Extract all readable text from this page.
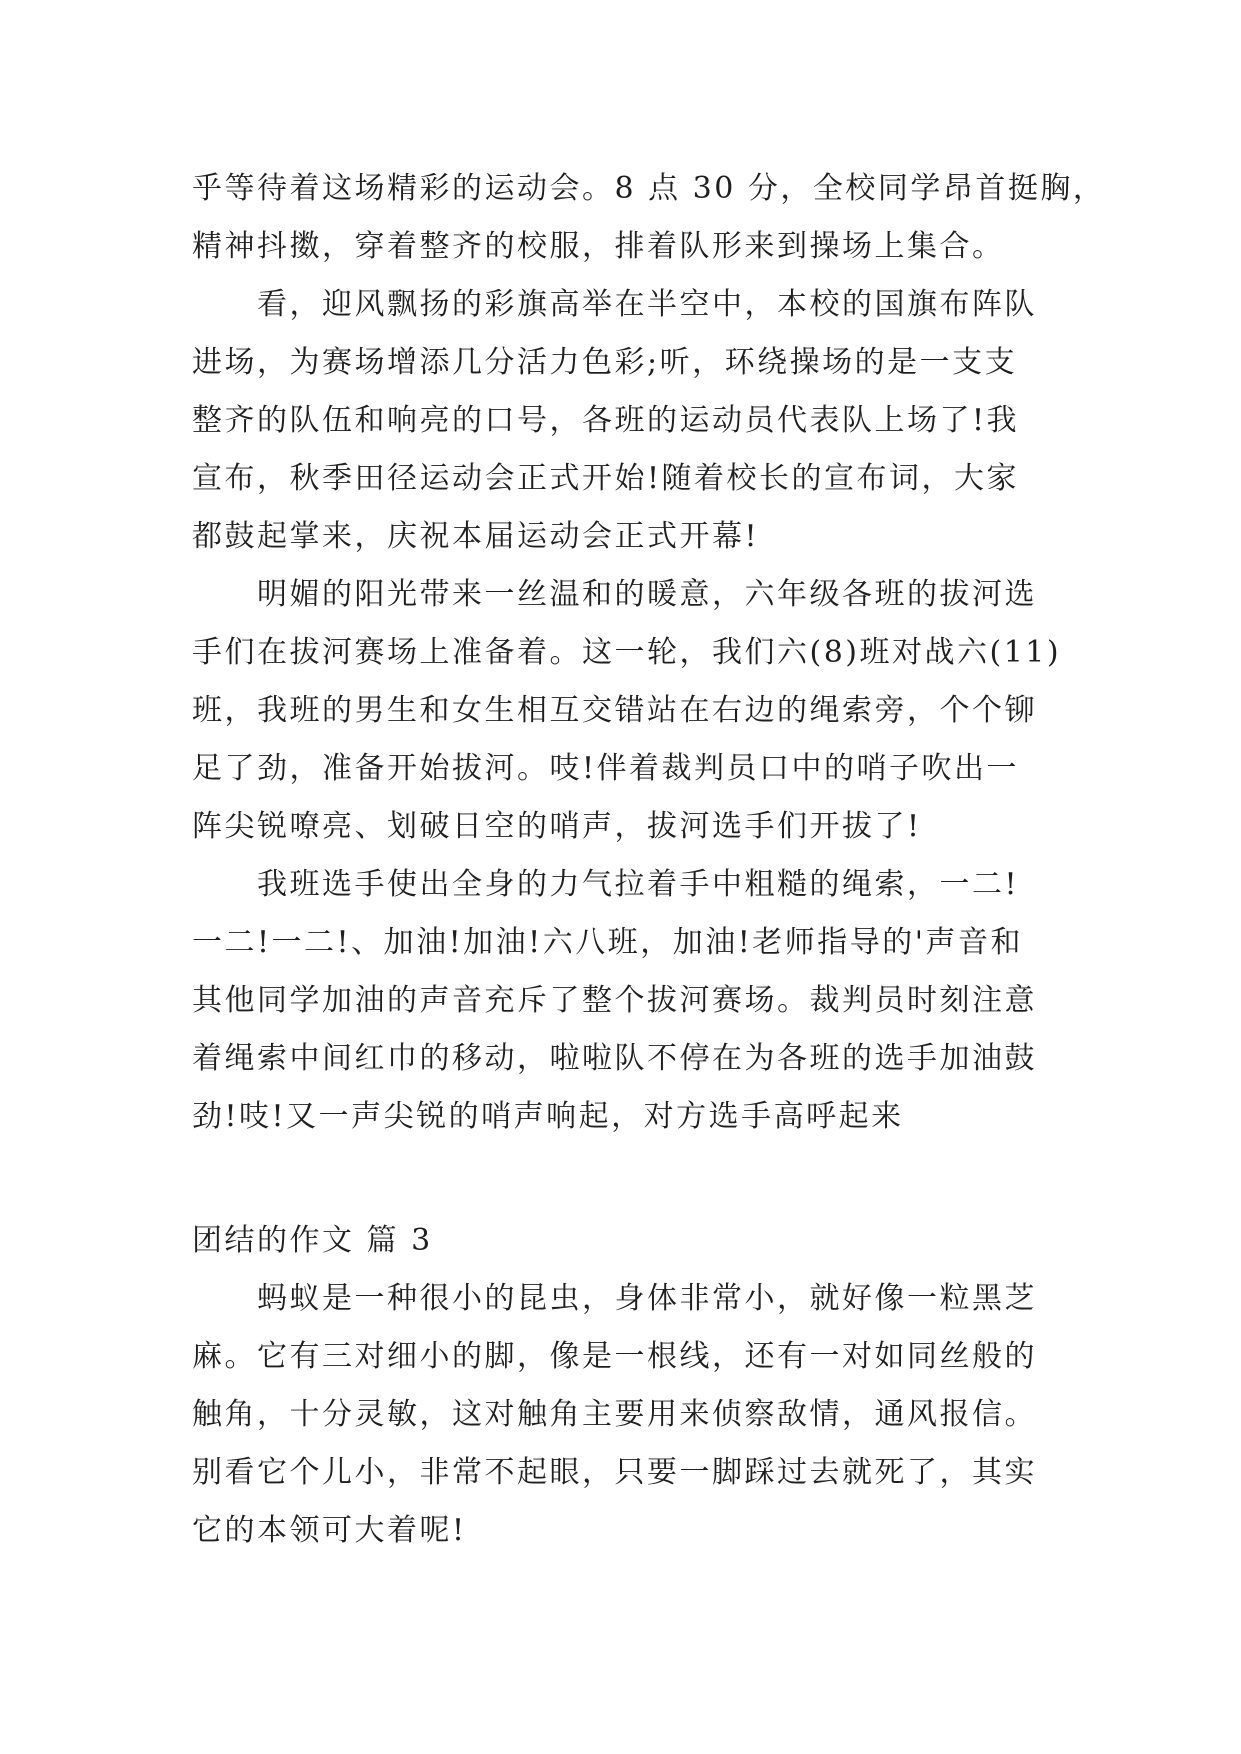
乎等待着这场精彩的运动会。8 点 30 分，全校同学昂首挺胸，
精神抖擞，穿着整齐的校服，排着队形来到操场上集合。
　　看，迎风飘扬的彩旗高举在半空中，本校的国旗布阵队
进场，为赛场增添几分活力色彩;听，环绕操场的是一支支
整齐的队伍和响亮的口号，各班的运动员代表队上场了!我
宣布，秋季田径运动会正式开始!随着校长的宣布词，大家
都鼓起掌来，庆祝本届运动会正式开幕!
　　明媚的阳光带来一丝温和的暖意，六年级各班的拔河选
手们在拔河赛场上准备着。这一轮，我们六(8)班对战六(11)
班，我班的男生和女生相互交错站在右边的绳索旁，个个铆
足了劲，准备开始拔河。吱!伴着裁判员口中的哨子吹出一
阵尖锐嘹亮、划破日空的哨声，拔河选手们开拔了!
　　我班选手使出全身的力气拉着手中粗糙的绳索，一二!
一二!一二!、加油!加油!六八班，加油!老师指导的'声音和
其他同学加油的声音充斥了整个拔河赛场。裁判员时刻注意
着绳索中间红巾的移动，啦啦队不停在为各班的选手加油鼓
劲!吱!又一声尖锐的哨声响起，对方选手高呼起来
团结的作文 篇 3
　　蚂蚁是一种很小的昆虫，身体非常小，就好像一粒黑芝
麻。它有三对细小的脚，像是一根线，还有一对如同丝般的
触角，十分灵敏，这对触角主要用来侦察敌情，通风报信。
别看它个儿小，非常不起眼，只要一脚踩过去就死了，其实
它的本领可大着呢!
